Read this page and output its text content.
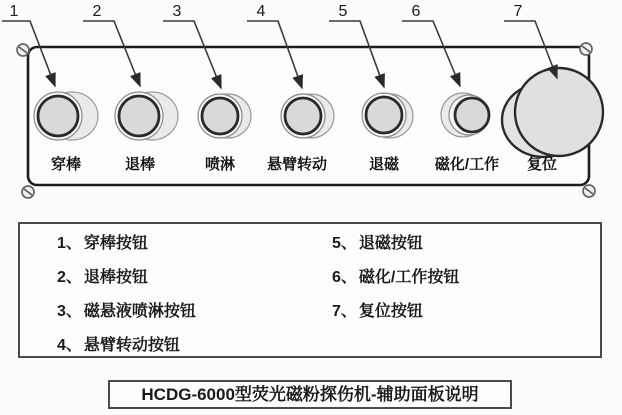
穿棒	退棒	喷淋 悬臂转动	退磁 磁化/工作 复位
1	2	3	4	5	6	7
1、 穿棒按钮
2、 退棒按钮
3、 磁悬液喷淋按钮
4、 悬臂转动按钮
5、 退磁按钮
6、 磁化/工作按钮
7、 复位按钮
HCDG-6000型荧光磁粉探伤机-辅助面板说明
